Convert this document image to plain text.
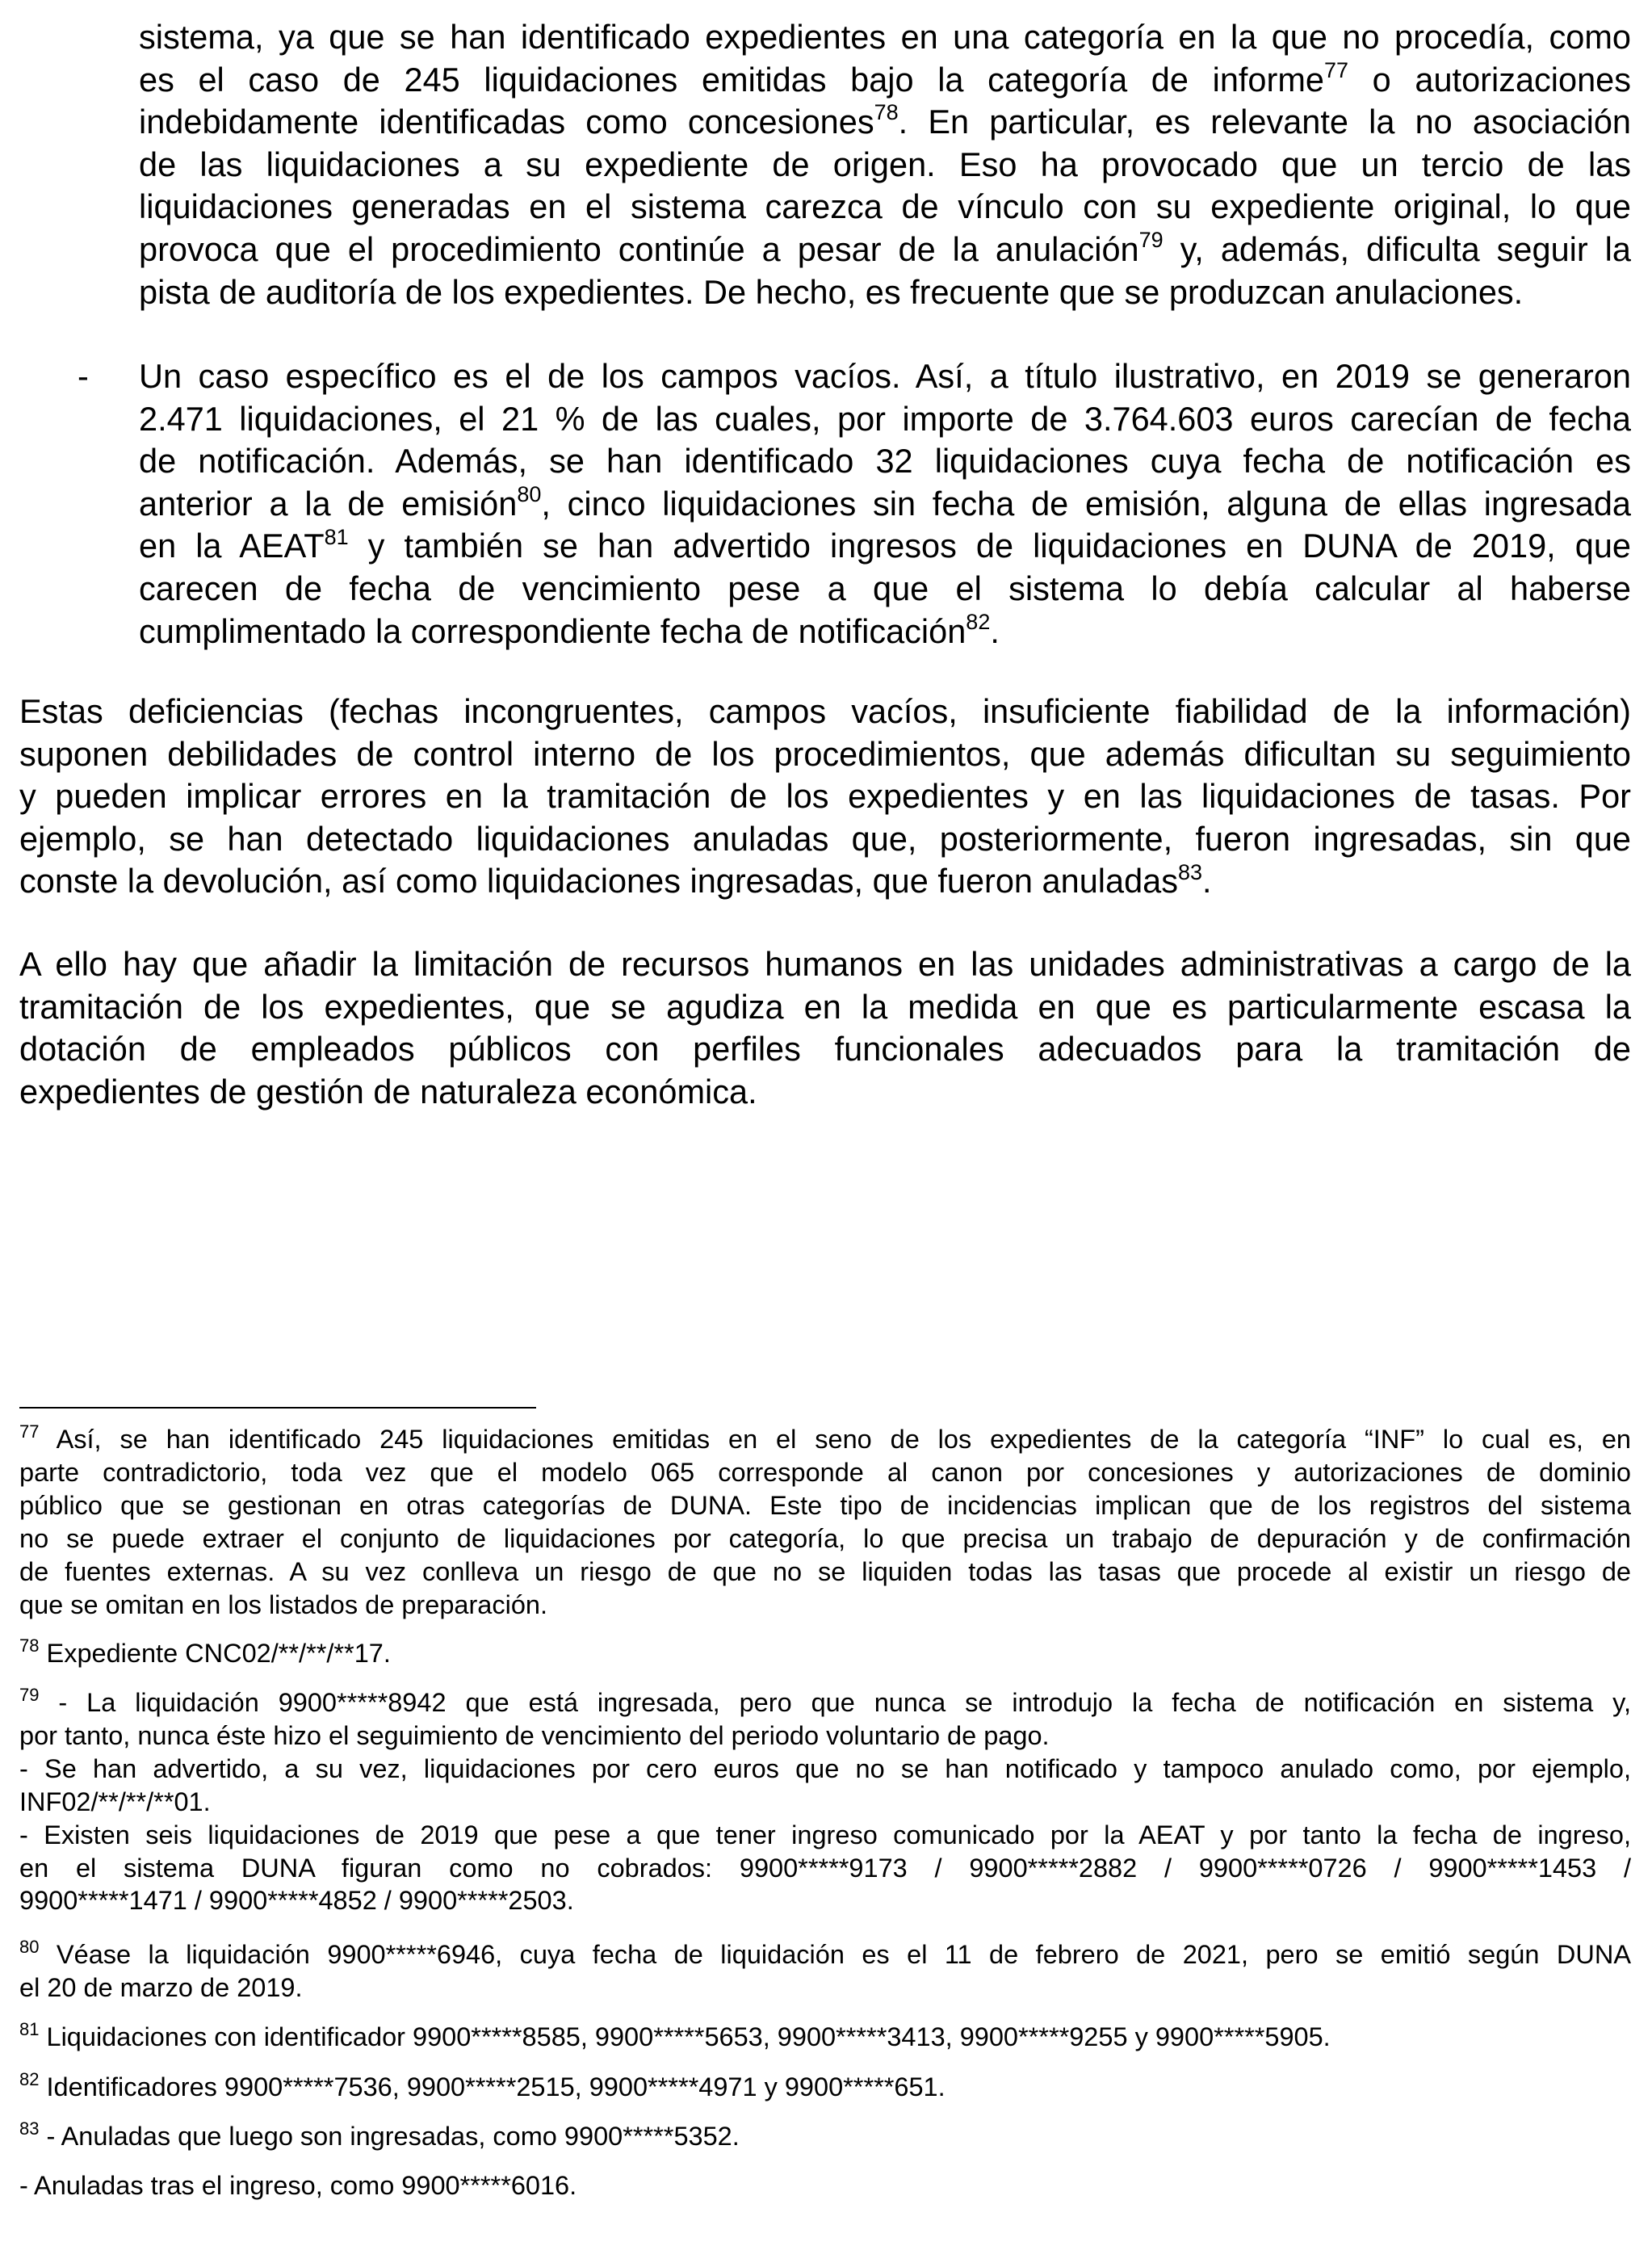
sistema, ya que se han identificado expedientes en una categoría en la que no procedía, como
es el caso de 245 liquidaciones emitidas bajo la categoría de informe$^{77}$ o autorizaciones
indebidamente identificadas como concesiones$^{78}$. En particular, es relevante la no asociación
de las liquidaciones a su expediente de origen. Eso ha provocado que un tercio de las
liquidaciones generadas en el sistema carezca de vínculo con su expediente original, lo que
provoca que el procedimiento continúe a pesar de la anulación$^{79}$ y, además, dificulta seguir la
pista de auditoría de los expedientes. De hecho, es frecuente que se produzcan anulaciones.
- Un caso específico es el de los campos vacíos. Así, a título ilustrativo, en 2019 se generaron
2.471 liquidaciones, el 21 % de las cuales, por importe de 3.764.603 euros carecían de fecha
de notificación. Además, se han identificado 32 liquidaciones cuya fecha de notificación es
anterior a la de emisión$^{80}$, cinco liquidaciones sin fecha de emisión, alguna de ellas ingresada
en la AEAT$^{81}$ y también se han advertido ingresos de liquidaciones en DUNA de 2019, que
carecen de fecha de vencimiento pese a que el sistema lo debía calcular al haberse
cumplimentado la correspondiente fecha de notificación$^{82}$.
Estas deficiencias (fechas incongruentes, campos vacíos, insuficiente fiabilidad de la información)
suponen debilidades de control interno de los procedimientos, que además dificultan su seguimiento
y pueden implicar errores en la tramitación de los expedientes y en las liquidaciones de tasas. Por
ejemplo, se han detectado liquidaciones anuladas que, posteriormente, fueron ingresadas, sin que
conste la devolución, así como liquidaciones ingresadas, que fueron anuladas$^{83}$.
A ello hay que añadir la limitación de recursos humanos en las unidades administrativas a cargo de la
tramitación de los expedientes, que se agudiza en la medida en que es particularmente escasa la
dotación de empleados públicos con perfiles funcionales adecuados para la tramitación de
expedientes de gestión de naturaleza económica.
$^{77}$ Así, se han identificado 245 liquidaciones emitidas en el seno de los expedientes de la categoría “INF” lo cual es, en
parte contradictorio, toda vez que el modelo 065 corresponde al canon por concesiones y autorizaciones de dominio
público que se gestionan en otras categorías de DUNA. Este tipo de incidencias implican que de los registros del sistema
no se puede extraer el conjunto de liquidaciones por categoría, lo que precisa un trabajo de depuración y de confirmación
de fuentes externas. A su vez conlleva un riesgo de que no se liquiden todas las tasas que procede al existir un riesgo de
que se omitan en los listados de preparación.
$^{78}$ Expediente CNC02/**/**/**17.
$^{79}$ - La liquidación 9900*****8942 que está ingresada, pero que nunca se introdujo la fecha de notificación en sistema y,
por tanto, nunca éste hizo el seguimiento de vencimiento del periodo voluntario de pago.
- Se han advertido, a su vez, liquidaciones por cero euros que no se han notificado y tampoco anulado como, por ejemplo,
INF02/**/**/**01.
- Existen seis liquidaciones de 2019 que pese a que tener ingreso comunicado por la AEAT y por tanto la fecha de ingreso,
en el sistema DUNA figuran como no cobrados: 9900*****9173 / 9900*****2882 / 9900*****0726 / 9900*****1453 /
9900*****1471 / 9900*****4852 / 9900*****2503.
$^{80}$ Véase la liquidación 9900*****6946, cuya fecha de liquidación es el 11 de febrero de 2021, pero se emitió según DUNA
el 20 de marzo de 2019.
$^{81}$ Liquidaciones con identificador 9900*****8585, 9900*****5653, 9900*****3413, 9900*****9255 y 9900*****5905.
$^{82}$ Identificadores 9900*****7536, 9900*****2515, 9900*****4971 y 9900*****651.
$^{83}$ - Anuladas que luego son ingresadas, como 9900*****5352.
- Anuladas tras el ingreso, como 9900*****6016.
